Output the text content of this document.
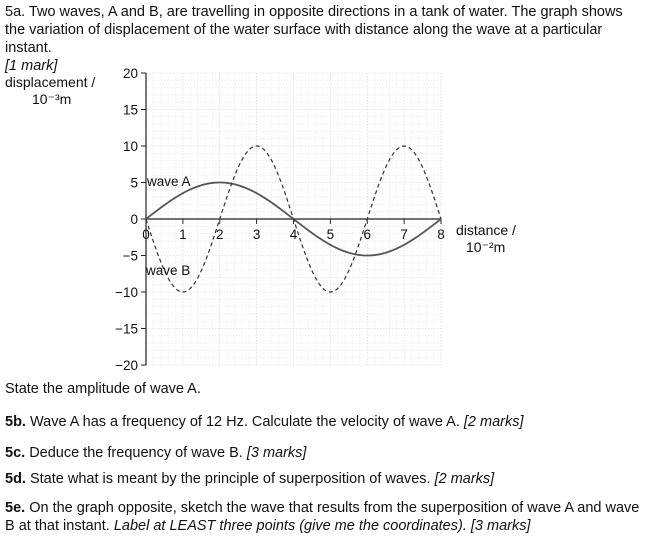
5a. Two waves, A and B, are travelling in opposite directions in a tank of water. The graph shows the variation of displacement of the water surface with distance along the wave at a particular instant.
[1 mark]	20
15
10
5
0
−5
−10
−15
−20
0 1 2 3 4 5 6 7 8
displacement /
10⁻³m
distance /
10⁻²m
wave A
wave B
State the amplitude of wave A.
5b. Wave A has a frequency of 12 Hz. Calculate the velocity of wave A. [2 marks]
5c. Deduce the frequency of wave B. [3 marks]
5d. State what is meant by the principle of superposition of waves. [2 marks]
5e. On the graph opposite, sketch the wave that results from the superposition of wave A and wave B at that instant. Label at LEAST three points (give me the coordinates). [3 marks]
